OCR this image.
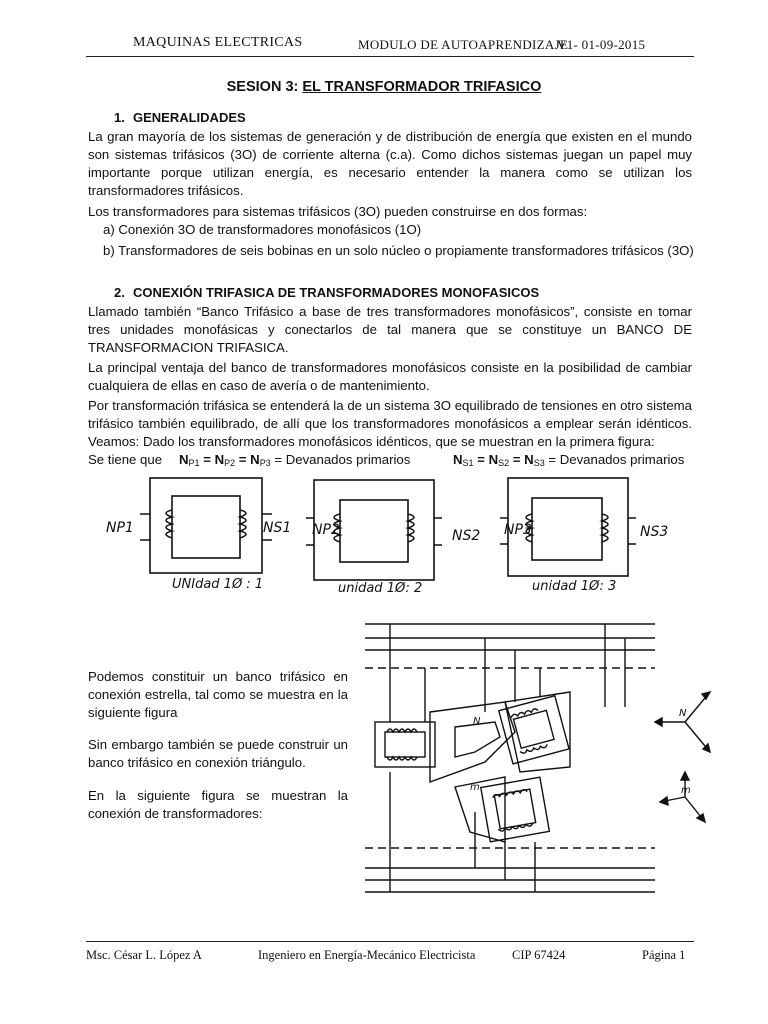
MAQUINAS ELECTRICAS	MODULO DE AUTOAPRENDIZAJE
V1- 01-09-2015
SESION 3: EL TRANSFORMADOR TRIFASICO
1. GENERALIDADES

La gran mayoría de los sistemas de generación y de distribución de energía que existen en el mundo son sistemas trifásicos (3O) de corriente alterna (c.a). Como dichos sistemas juegan un papel muy importante porque utilizan energía, es necesario entender la manera como se utilizan los transformadores trifásicos.

Los transformadores para sistemas trifásicos (3O) pueden construirse en dos formas:

a) Conexión 3O de transformadores monofásicos (1O)
b) Transformadores de seis bobinas en un solo núcleo o propiamente transformadores trifásicos (3O)
2. CONEXIÓN TRIFASICA DE TRANSFORMADORES MONOFASICOS

Llamado también “Banco Trifásico a base de tres transformadores monofásicos”, consiste en tomar tres unidades monofásicas y conectarlos de tal manera que se constituye un BANCO DE TRANSFORMACION TRIFASICA.

La principal ventaja del banco de transformadores monofásicos consiste en la posibilidad de cambiar cualquiera de ellas en caso de avería o de mantenimiento.

Por transformación trifásica se entenderá la de un sistema 3O equilibrado de tensiones en otro sistema trifásico también equilibrado, de allí que los transformadores monofásicos a emplear serán idénticos. Veamos: Dado los transformadores monofásicos idénticos, que se muestran en la primera figura:

Se tiene que $N_{P1} = N_{P2} = N_{P3}$ = Devanados primarios	$N_{S1} = N_{S2} = N_{S3}$ = Devanados primarios
NP1	NS1
UNIdad 1Ø : 1
NP2	NS2
unidad 1Ø: 2
NP3	NS3
unidad 1Ø: 3

Podemos constituir un banco trifásico en conexión estrella, tal como se muestra en la siguiente figura

Sin embargo también se puede construir un banco trifásico en conexión triángulo.

En la siguiente figura se muestran la conexión de transformadores:

N
m
N
m
Msc. César L. López A	Ingeniero en Energía-Mecánico Electricista	CIP 67424	Página 1
